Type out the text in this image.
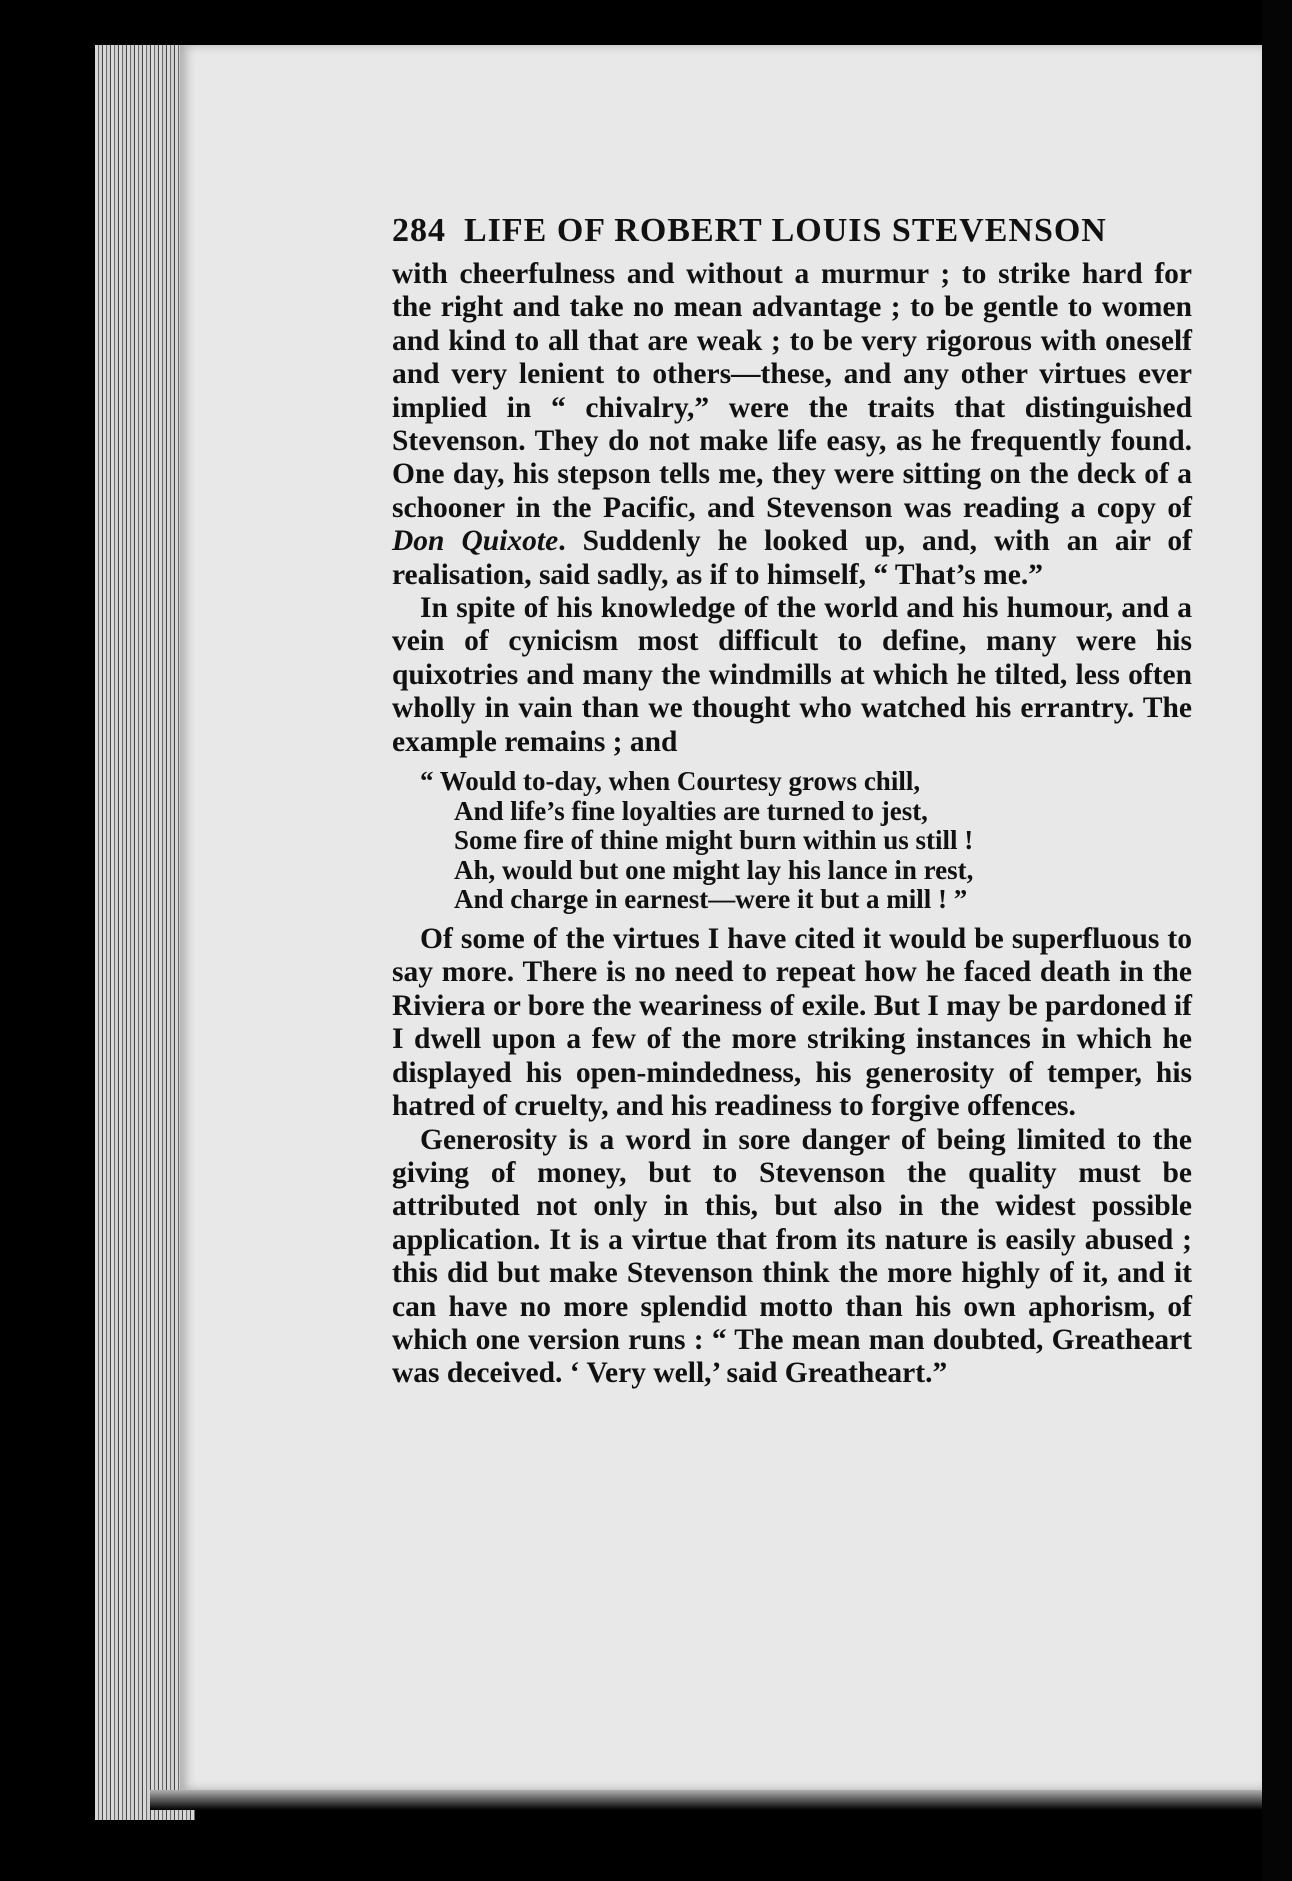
284 LIFE OF ROBERT LOUIS STEVENSON

with cheerfulness and without a murmur ; to strike hard for the right and take no mean advantage ; to be gentle to women and kind to all that are weak ; to be very rigorous with oneself and very lenient to others—these, and any other virtues ever implied in “ chivalry,” were the traits that distinguished Stevenson. They do not make life easy, as he frequently found. One day, his stepson tells me, they were sitting on the deck of a schooner in the Pacific, and Stevenson was reading a copy of Don Quixote. Suddenly he looked up, and, with an air of realisation, said sadly, as if to himself, “ That’s me.”

In spite of his knowledge of the world and his humour, and a vein of cynicism most difficult to define, many were his quixotries and many the windmills at which he tilted, less often wholly in vain than we thought who watched his errantry. The example remains ; and

“ Would to-day, when Courtesy grows chill,
And life’s fine loyalties are turned to jest,
Some fire of thine might burn within us still !
Ah, would but one might lay his lance in rest,
And charge in earnest—were it but a mill ! ”

Of some of the virtues I have cited it would be superfluous to say more. There is no need to repeat how he faced death in the Riviera or bore the weariness of exile. But I may be pardoned if I dwell upon a few of the more striking instances in which he displayed his open-mindedness, his generosity of temper, his hatred of cruelty, and his readiness to forgive offences.

Generosity is a word in sore danger of being limited to the giving of money, but to Stevenson the quality must be attributed not only in this, but also in the widest possible application. It is a virtue that from its nature is easily abused ; this did but make Stevenson think the more highly of it, and it can have no more splendid motto than his own aphorism, of which one version runs : “ The mean man doubted, Greatheart was deceived. ‘ Very well,’ said Greatheart.”
